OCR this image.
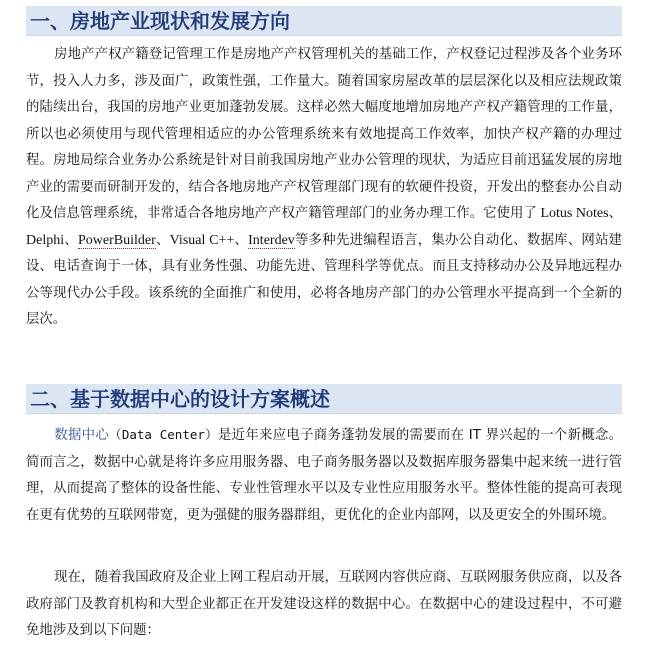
一、房地产业现状和发展方向

房地产产权产籍登记管理工作是房地产产权管理机关的基础工作，产权登记过程涉及各个业务环节，投入人力多，涉及面广，政策性强，工作量大。随着国家房屋改革的层层深化以及相应法规政策的陆续出台，我国的房地产业更加蓬勃发展。这样必然大幅度地增加房地产产权产籍管理的工作量，所以也必须使用与现代管理相适应的办公管理系统来有效地提高工作效率，加快产权产籍的办理过程。房地局综合业务办公系统是针对目前我国房地产业办公管理的现状，为适应目前迅猛发展的房地产业的需要而研制开发的，结合各地房地产产权管理部门现有的软硬件投资，开发出的整套办公自动化及信息管理系统，非常适合各地房地产产权产籍管理部门的业务办理工作。它使用了 Lotus Notes、Delphi、PowerBuilder、Visual C++、Interdev等多种先进编程语言，集办公自动化、数据库、网站建设、电话查询于一体，具有业务性强、功能先进、管理科学等优点。而且支持移动办公及异地远程办公等现代办公手段。该系统的全面推广和使用，必将各地房产部门的办公管理水平提高到一个全新的层次。

二、基于数据中心的设计方案概述

数据中心（Data Center）是近年来应电子商务蓬勃发展的需要而在 IT 界兴起的一个新概念。简而言之，数据中心就是将许多应用服务器、电子商务服务器以及数据库服务器集中起来统一进行管理，从而提高了整体的设备性能、专业性管理水平以及专业性应用服务水平。整体性能的提高可表现在更有优势的互联网带宽，更为强健的服务器群组，更优化的企业内部网，以及更安全的外围环境。

现在，随着我国政府及企业上网工程启动开展，互联网内容供应商、互联网服务供应商，以及各政府部门及教育机构和大型企业都正在开发建设这样的数据中心。在数据中心的建设过程中，不可避免地涉及到以下问题：
